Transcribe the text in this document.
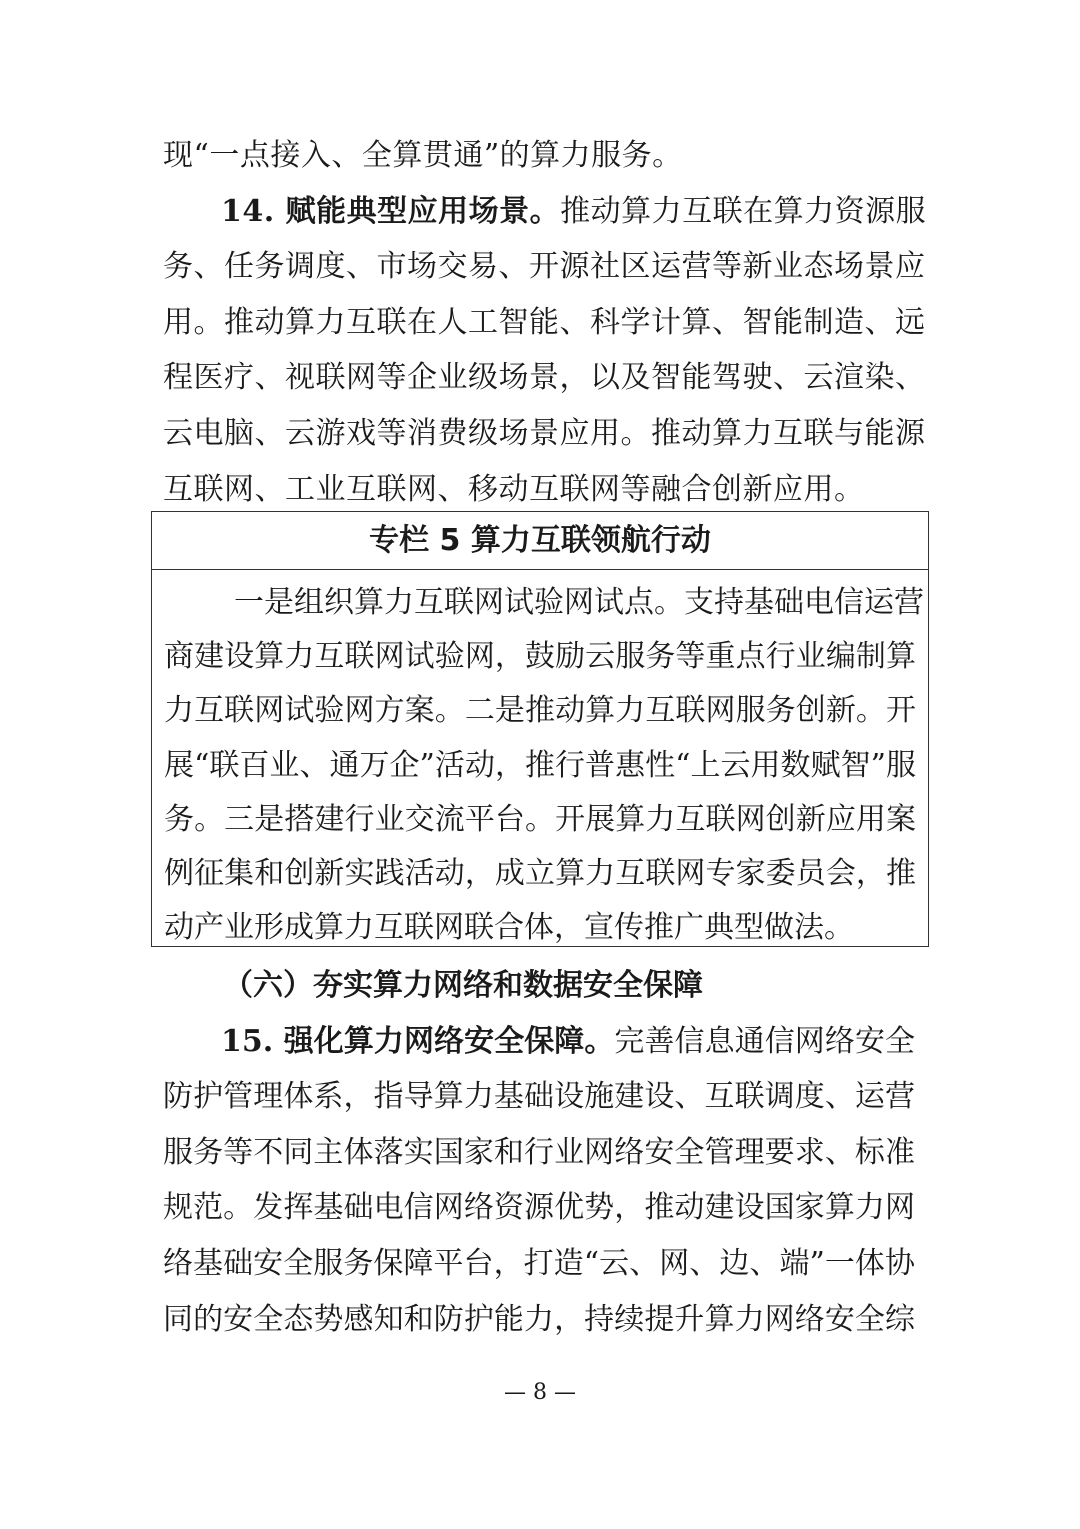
现“一点接入、全算贯通”的算力服务。
14. 赋能典型应用场景。推动算力互联在算力资源服
务、任务调度、市场交易、开源社区运营等新业态场景应
用。推动算力互联在人工智能、科学计算、智能制造、远
程医疗、视联网等企业级场景，以及智能驾驶、云渲染、
云电脑、云游戏等消费级场景应用。推动算力互联与能源
互联网、工业互联网、移动互联网等融合创新应用。
专栏 5 算力互联领航行动
一是组织算力互联网试验网试点。支持基础电信运营
商建设算力互联网试验网，鼓励云服务等重点行业编制算
力互联网试验网方案。二是推动算力互联网服务创新。开
展“联百业、通万企”活动，推行普惠性“上云用数赋智”服
务。三是搭建行业交流平台。开展算力互联网创新应用案
例征集和创新实践活动，成立算力互联网专家委员会，推
动产业形成算力互联网联合体，宣传推广典型做法。
（六）夯实算力网络和数据安全保障
15. 强化算力网络安全保障。完善信息通信网络安全
防护管理体系，指导算力基础设施建设、互联调度、运营
服务等不同主体落实国家和行业网络安全管理要求、标准
规范。发挥基础电信网络资源优势，推动建设国家算力网
络基础安全服务保障平台，打造“云、网、边、端”一体协
同的安全态势感知和防护能力，持续提升算力网络安全综
— 8 —
